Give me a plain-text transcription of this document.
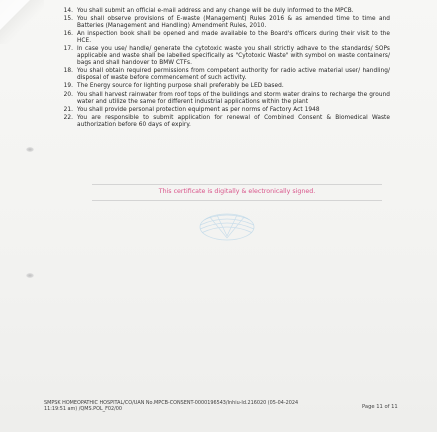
14. You shall submit an official e-mail address and any change will be duly informed to the MPCB.
15. You shall observe provisions of E-waste (Management) Rules 2016 & as amended time to time and Batteries (Management and Handling) Amendment Rules, 2010.
16. An inspection book shall be opened and made available to the Board's officers during their visit to the HCE.
17. In case you use/ handle/ generate the cytotoxic waste you shall strictly adhave to the standards/ SOPs applicable and waste shall be labelled specifically as "Cytotoxic Waste" with symbol on waste containers/ bags and shall handover to BMW CTFs.
18. You shall obtain required permissions from competent authority for radio active material user/ handling/ disposal of waste before commencement of such activity.
19. The Energy source for lighting purpose shall preferably be LED based.
20. You shall harvest rainwater from roof tops of the buildings and storm water drains to recharge the ground water and utilize the same for different industrial applications within the plant
21. You shall provide personal protection equipment as per norms of Factory Act 1948
22. You are responsible to submit application for renewal of Combined Consent & Biomedical Waste authorization before 60 days of expiry.
This certificate is digitally & electronically signed.
SMPSK HOMEOPATHIC HOSPITAL/CO/UAN No.MPCB-CONSENT-0000196543/Inhiu-Id.216020 (05-04-2024
11:19:51 am) /QMS.POL_F02/00	Page 11 of 11
